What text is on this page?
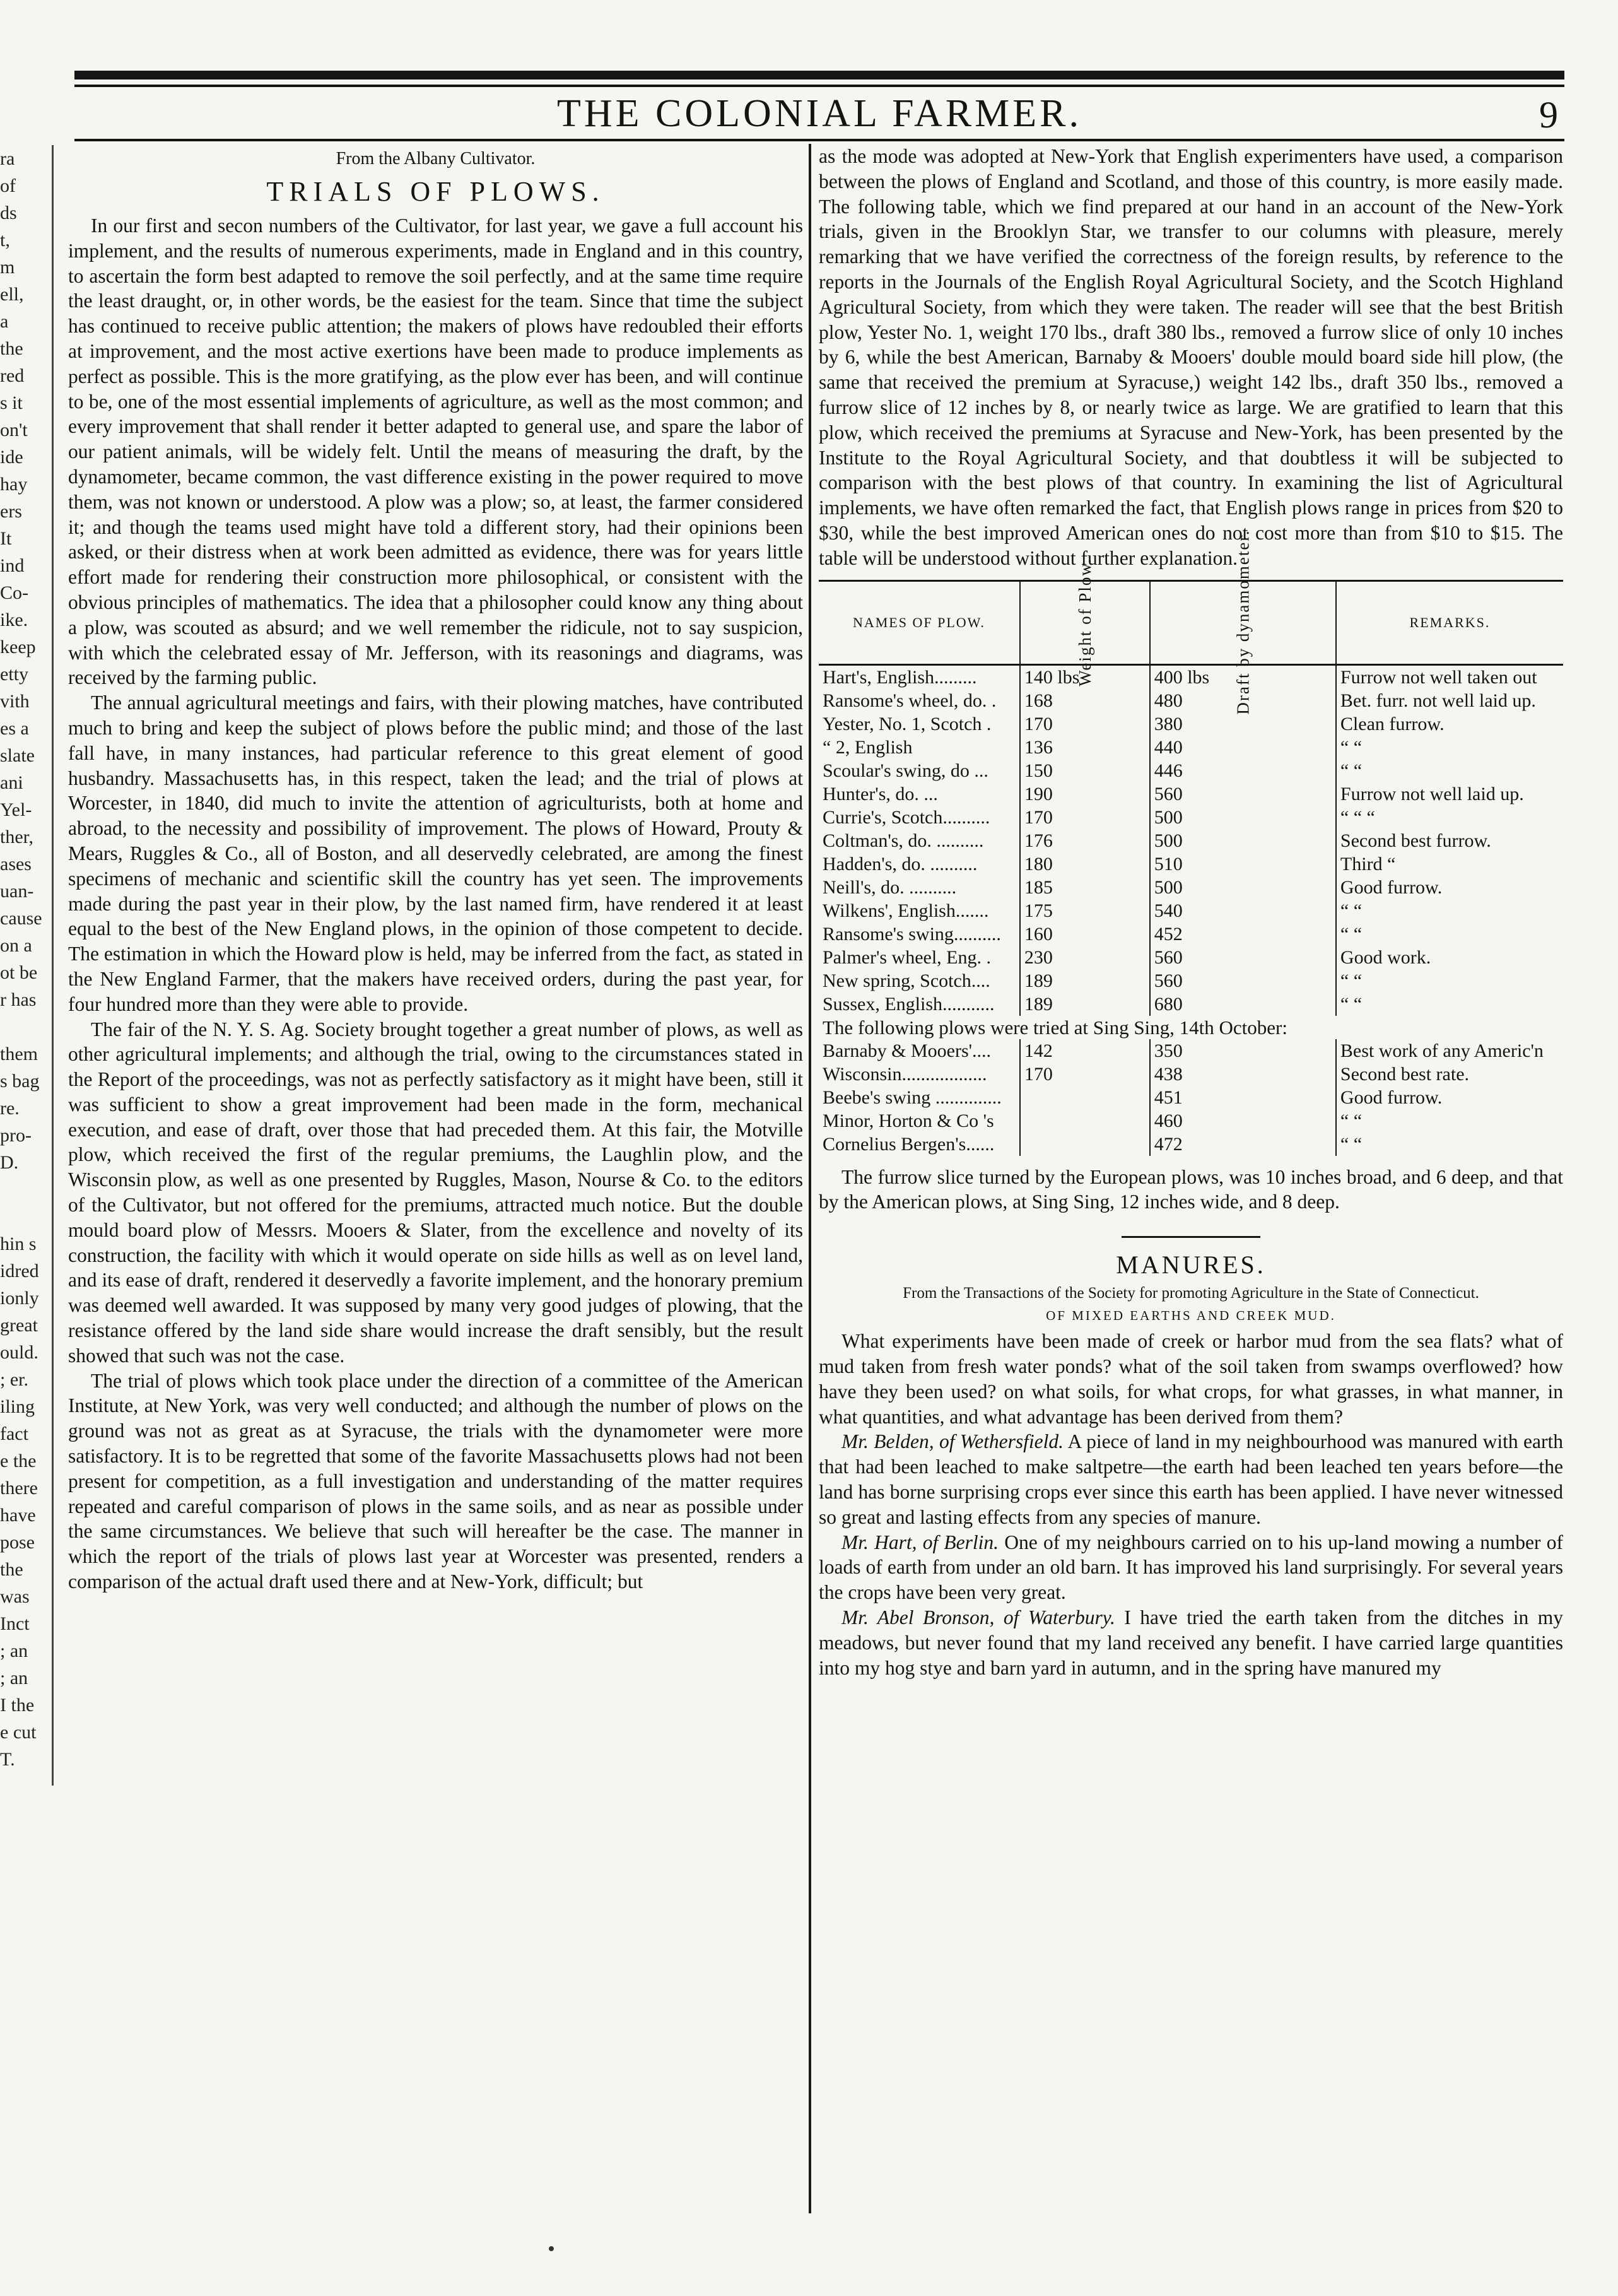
THE COLONIAL FARMER.	9
ra
of
ds
t,
m
ell,
a
the
red
s it
on't
ide
hay
ers
It
ind
Co-
ike.
keep
etty
vith
es a
slate
ani
Yel-
ther,
ases
uan-
cause
on a
ot be
r has

them
s bag
re.
pro-
D.

hin s
idred
ionly
great
ould.
; er.
iling
fact
e the
there
have
pose
the
was
Inct
; an
; an
I the
e cut
T.
From the Albany Cultivator.
TRIALS OF PLOWS.

In our first and secon numbers of the Cultivator, for last year, we gave a full account his implement, and the results of numerous experiments, made in England and in this country, to ascertain the form best adapted to remove the soil perfectly, and at the same time require the least draught, or, in other words, be the easiest for the team. Since that time the subject has continued to receive public attention; the makers of plows have redoubled their efforts at improvement, and the most active exertions have been made to produce implements as perfect as possible. This is the more gratifying, as the plow ever has been, and will continue to be, one of the most essential implements of agriculture, as well as the most common; and every improvement that shall render it better adapted to general use, and spare the labor of our patient animals, will be widely felt. Until the means of measuring the draft, by the dynamometer, became common, the vast difference existing in the power required to move them, was not known or understood. A plow was a plow; so, at least, the farmer considered it; and though the teams used might have told a different story, had their opinions been asked, or their distress when at work been admitted as evidence, there was for years little effort made for rendering their construction more philosophical, or consistent with the obvious principles of mathematics. The idea that a philosopher could know any thing about a plow, was scouted as absurd; and we well remember the ridicule, not to say suspicion, with which the celebrated essay of Mr. Jefferson, with its reasonings and diagrams, was received by the farming public.

The annual agricultural meetings and fairs, with their plowing matches, have contributed much to bring and keep the subject of plows before the public mind; and those of the last fall have, in many instances, had particular reference to this great element of good husbandry. Massachusetts has, in this respect, taken the lead; and the trial of plows at Worcester, in 1840, did much to invite the attention of agriculturists, both at home and abroad, to the necessity and possibility of improvement. The plows of Howard, Prouty & Mears, Ruggles & Co., all of Boston, and all deservedly celebrated, are among the finest specimens of mechanic and scientific skill the country has yet seen. The improvements made during the past year in their plow, by the last named firm, have rendered it at least equal to the best of the New England plows, in the opinion of those competent to decide. The estimation in which the Howard plow is held, may be inferred from the fact, as stated in the New England Farmer, that the makers have received orders, during the past year, for four hundred more than they were able to provide.

The fair of the N. Y. S. Ag. Society brought together a great number of plows, as well as other agricultural implements; and although the trial, owing to the circumstances stated in the Report of the proceedings, was not as perfectly satisfactory as it might have been, still it was sufficient to show a great improvement had been made in the form, mechanical execution, and ease of draft, over those that had preceded them. At this fair, the Motville plow, which received the first of the regular premiums, the Laughlin plow, and the Wisconsin plow, as well as one presented by Ruggles, Mason, Nourse & Co. to the editors of the Cultivator, but not offered for the premiums, attracted much notice. But the double mould board plow of Messrs. Mooers & Slater, from the excellence and novelty of its construction, the facility with which it would operate on side hills as well as on level land, and its ease of draft, rendered it deservedly a favorite implement, and the honorary premium was deemed well awarded. It was supposed by many very good judges of plowing, that the resistance offered by the land side share would increase the draft sensibly, but the result showed that such was not the case.

The trial of plows which took place under the direction of a committee of the American Institute, at New York, was very well conducted; and although the number of plows on the ground was not as great as at Syracuse, the trials with the dynamometer were more satisfactory. It is to be regretted that some of the favorite Massachusetts plows had not been present for competition, as a full investigation and understanding of the matter requires repeated and careful comparison of plows in the same soils, and as near as possible under the same circumstances. We believe that such will hereafter be the case. The manner in which the report of the trials of plows last year at Worcester was presented, renders a comparison of the actual draft used there and at New-York, difficult; but

as the mode was adopted at New-York that English experimenters have used, a comparison between the plows of England and Scotland, and those of this country, is more easily made. The following table, which we find prepared at our hand in an account of the New-York trials, given in the Brooklyn Star, we transfer to our columns with pleasure, merely remarking that we have verified the correctness of the foreign results, by reference to the reports in the Journals of the English Royal Agricultural Society, and the Scotch Highland Agricultural Society, from which they were taken. The reader will see that the best British plow, Yester No. 1, weight 170 lbs., draft 380 lbs., removed a furrow slice of only 10 inches by 6, while the best American, Barnaby & Mooers' double mould board side hill plow, (the same that received the premium at Syracuse,) weight 142 lbs., draft 350 lbs., removed a furrow slice of 12 inches by 8, or nearly twice as large. We are gratified to learn that this plow, which received the premiums at Syracuse and New-York, has been presented by the Institute to the Royal Agricultural Society, and that doubtless it will be subjected to comparison with the best plows of that country. In examining the list of Agricultural implements, we have often remarked the fact, that English plows range in prices from $20 to $30, while the best improved American ones do not cost more than from $10 to $15. The table will be understood without further explanation.

NAMES OF PLOW.	Weight of Plow.	Draft by dynamometer.	REMARKS.
Hart's, English.........	140 lbs	400 lbs	Furrow not well taken out
Ransome's wheel, do. .	168	480	Bet. furr. not well laid up.
Yester, No. 1, Scotch .	170	380	Clean furrow.
“ 2, English	136	440	“ “
Scoular's swing, do ...	150	446	“ “
Hunter's, do. ...	190	560	Furrow not well laid up.
Currie's, Scotch..........	170	500	“ “ “
Coltman's, do. ..........	176	500	Second best furrow.
Hadden's, do. ..........	180	510	Third “
Neill's, do. ..........	185	500	Good furrow.
Wilkens', English.......	175	540	“ “
Ransome's swing..........	160	452	“ “
Palmer's wheel, Eng. .	230	560	Good work.
New spring, Scotch....	189	560	“ “
Sussex, English...........	189	680	“ “
The following plows were tried at Sing Sing, 14th October:			
Barnaby & Mooers'....	142	350	Best work of any Americ'n
Wisconsin..................	170	438	Second best rate.
Beebe's swing ..............		451	Good furrow.
Minor, Horton & Co 's		460	“ “
Cornelius Bergen's......		472	“ “

The furrow slice turned by the European plows, was 10 inches broad, and 6 deep, and that by the American plows, at Sing Sing, 12 inches wide, and 8 deep.

MANURES.
From the Transactions of the Society for promoting Agriculture in the State of Connecticut.
OF MIXED EARTHS AND CREEK MUD.

What experiments have been made of creek or harbor mud from the sea flats? what of mud taken from fresh water ponds? what of the soil taken from swamps overflowed? how have they been used? on what soils, for what crops, for what grasses, in what manner, in what quantities, and what advantage has been derived from them?

Mr. Belden, of Wethersfield. A piece of land in my neighbourhood was manured with earth that had been leached to make saltpetre—the earth had been leached ten years before—the land has borne surprising crops ever since this earth has been applied. I have never witnessed so great and lasting effects from any species of manure.

Mr. Hart, of Berlin. One of my neighbours carried on to his up-land mowing a number of loads of earth from under an old barn. It has improved his land surprisingly. For several years the crops have been very great.

Mr. Abel Bronson, of Waterbury. I have tried the earth taken from the ditches in my meadows, but never found that my land received any benefit. I have carried large quantities into my hog stye and barn yard in autumn, and in the spring have manured my
